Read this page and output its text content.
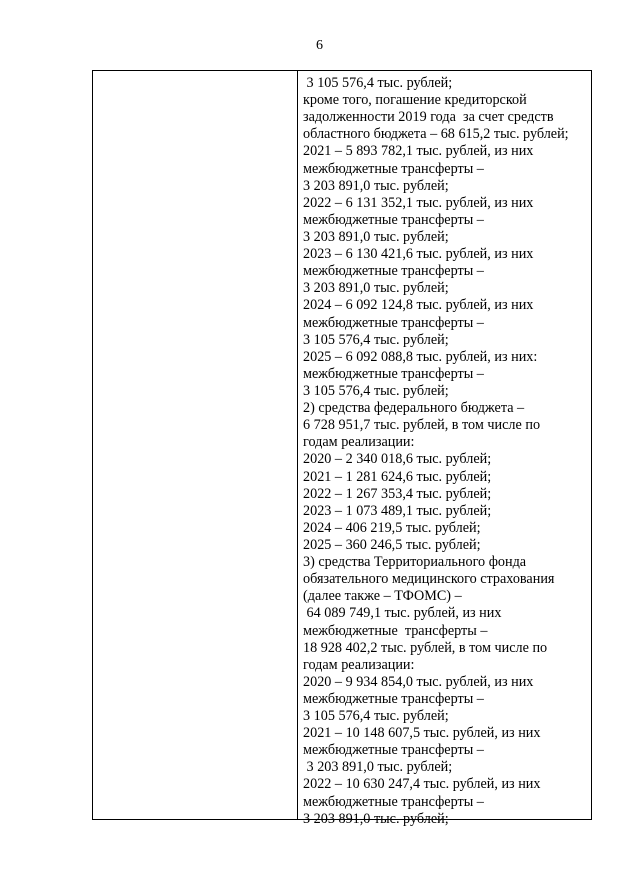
6
3 105 576,4 тыс. рублей;
кроме того, погашение кредиторской
задолженности 2019 года  за счет средств
областного бюджета – 68 615,2 тыс. рублей;
2021 – 5 893 782,1 тыс. рублей, из них
межбюджетные трансферты –
3 203 891,0 тыс. рублей;
2022 – 6 131 352,1 тыс. рублей, из них
межбюджетные трансферты –
3 203 891,0 тыс. рублей;
2023 – 6 130 421,6 тыс. рублей, из них
межбюджетные трансферты –
3 203 891,0 тыс. рублей;
2024 – 6 092 124,8 тыс. рублей, из них
межбюджетные трансферты –
3 105 576,4 тыс. рублей;
2025 – 6 092 088,8 тыс. рублей, из них:
межбюджетные трансферты –
3 105 576,4 тыс. рублей;
2) средства федерального бюджета –
6 728 951,7 тыс. рублей, в том числе по
годам реализации:
2020 – 2 340 018,6 тыс. рублей;
2021 – 1 281 624,6 тыс. рублей;
2022 – 1 267 353,4 тыс. рублей;
2023 – 1 073 489,1 тыс. рублей;
2024 – 406 219,5 тыс. рублей;
2025 – 360 246,5 тыс. рублей;
3) средства Территориального фонда
обязательного медицинского страхования
(далее также – ТФОМС) –
64 089 749,1 тыс. рублей, из них
межбюджетные  трансферты –
18 928 402,2 тыс. рублей, в том числе по
годам реализации:
2020 – 9 934 854,0 тыс. рублей, из них
межбюджетные трансферты –
3 105 576,4 тыс. рублей;
2021 – 10 148 607,5 тыс. рублей, из них
межбюджетные трансферты –
3 203 891,0 тыс. рублей;
2022 – 10 630 247,4 тыс. рублей, из них
межбюджетные трансферты –
3 203 891,0 тыс. рублей;
